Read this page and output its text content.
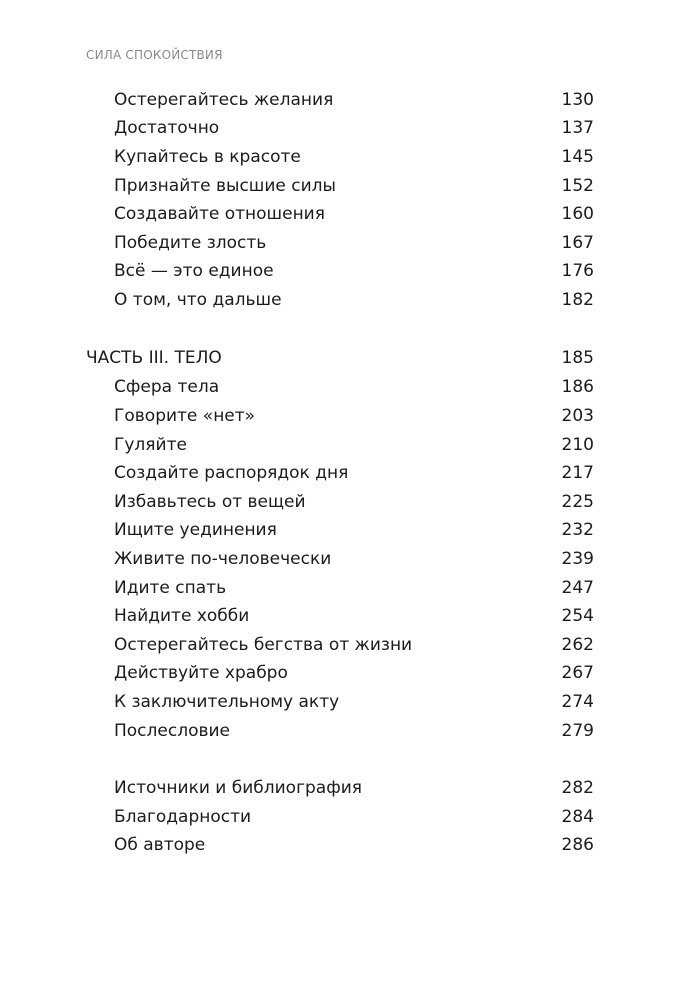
СИЛА СПОКОЙСТВИЯ
Остерегайтесь желания	130
Достаточно	137
Купайтесь в красоте	145
Признайте высшие силы	152
Создавайте отношения	160
Победите злость	167
Всё — это единое	176
О том, что дальше	182
ЧАСТЬ III. ТЕЛО	185
Сфера тела	186
Говорите «нет»	203
Гуляйте	210
Создайте распорядок дня	217
Избавьтесь от вещей	225
Ищите уединения	232
Живите по-человечески	239
Идите спать	247
Найдите хобби	254
Остерегайтесь бегства от жизни	262
Действуйте храбро	267
К заключительному акту	274
Послесловие	279
Источники и библиография	282
Благодарности	284
Об авторе	286
